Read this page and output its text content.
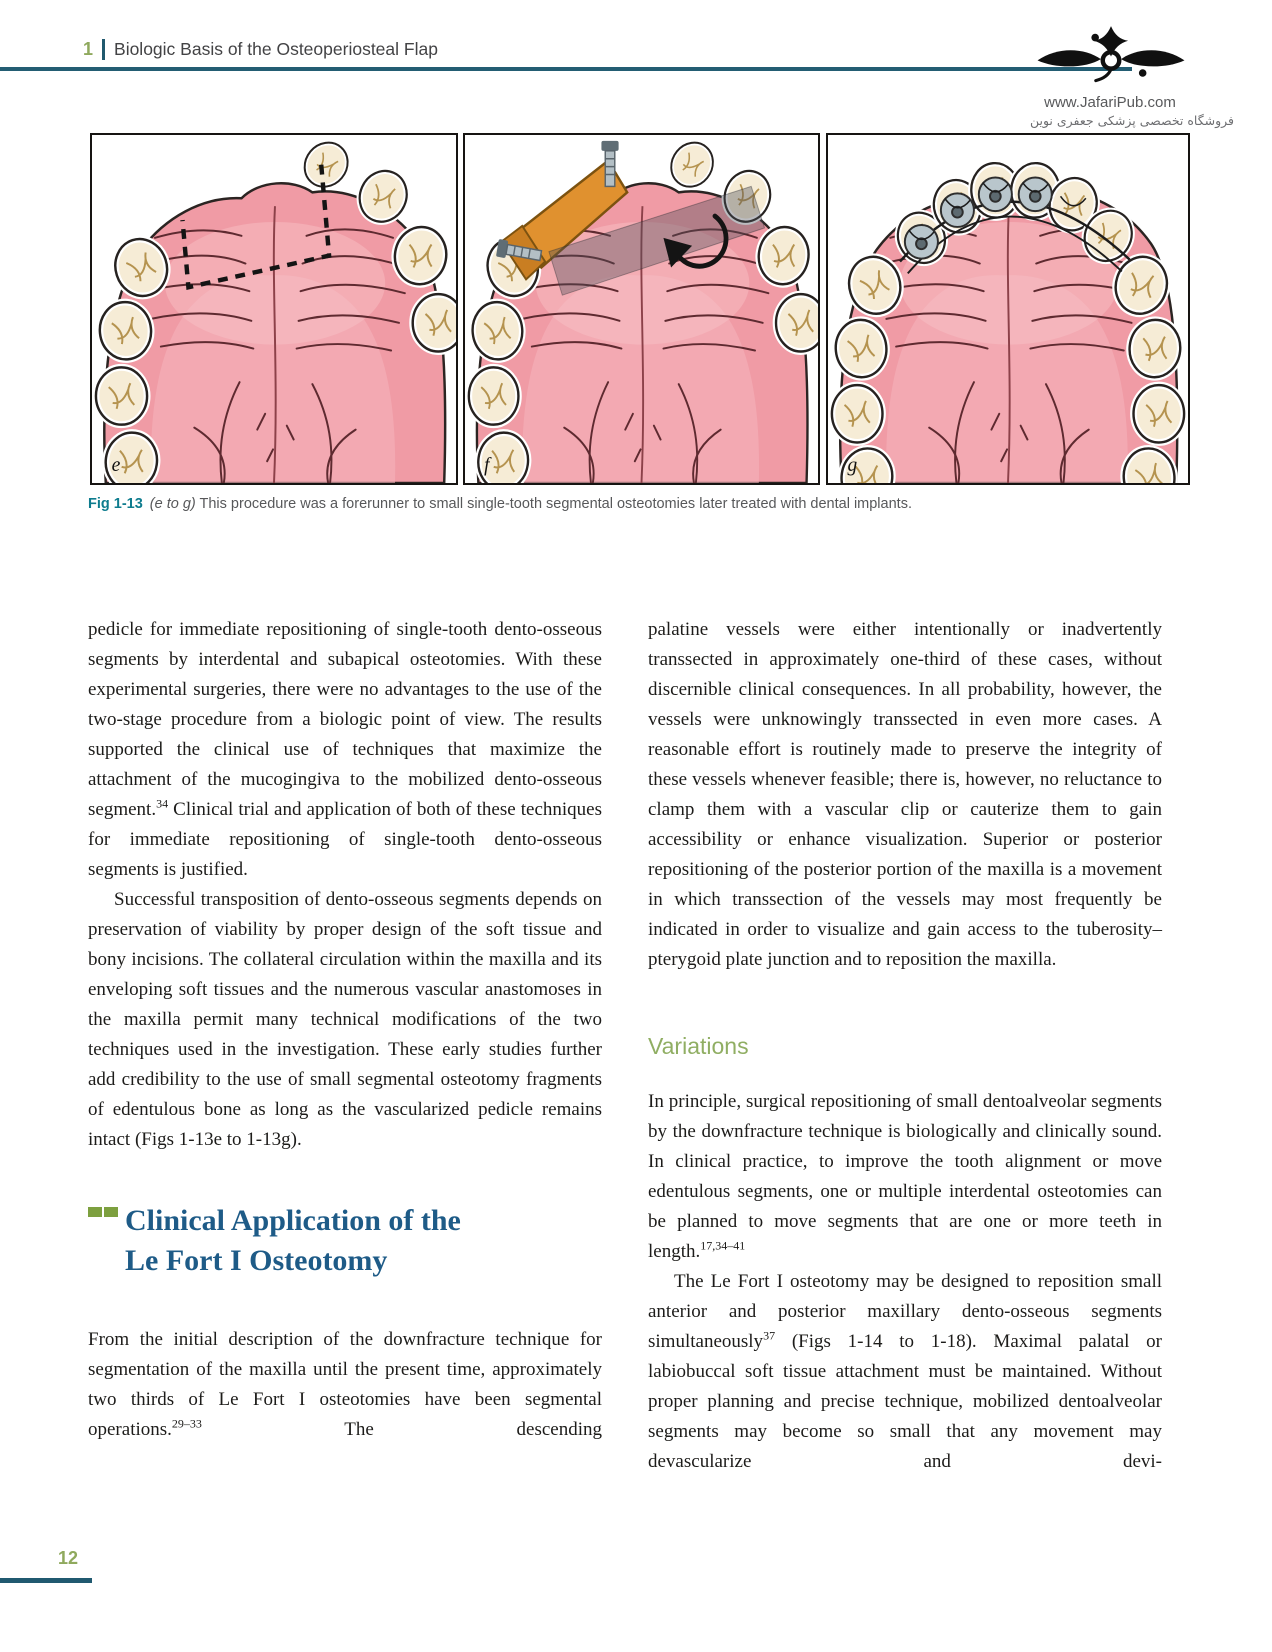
1	Biologic Basis of the Osteoperiosteal Flap
www.JafariPub.com
فروشگاه تخصصی پزشکی جعفری نوین
e	f	g

Fig 1-13 (e to g) This procedure was a forerunner to small single-tooth segmental osteotomies later treated with dental implants.

pedicle for immediate repositioning of single-tooth dento-osseous segments by interdental and subapical osteotomies. With these experimental surgeries, there were no advantages to the use of the two-stage procedure from a biologic point of view. The results supported the clinical use of techniques that maximize the attachment of the mucogingiva to the mobilized dento-osseous segment.$^{34}$ Clinical trial and application of both of these techniques for immediate repositioning of single-tooth dento-osseous segments is justified.

Successful transposition of dento-osseous segments depends on preservation of viability by proper design of the soft tissue and bony incisions. The collateral circulation within the maxilla and its enveloping soft tissues and the numerous vascular anastomoses in the maxilla permit many technical modifications of the two techniques used in the investigation. These early studies further add credibility to the use of small segmental osteotomy fragments of edentulous bone as long as the vascularized pedicle remains intact (Figs 1-13e to 1-13g).

Clinical Application of the
Le Fort I Osteotomy

From the initial description of the downfracture technique for segmentation of the maxilla until the present time, approximately two thirds of Le Fort I osteotomies have been segmental operations.$^{29-33}$ The descending

palatine vessels were either intentionally or inadvertently transsected in approximately one-third of these cases, without discernible clinical consequences. In all probability, however, the vessels were unknowingly transsected in even more cases. A reasonable effort is routinely made to preserve the integrity of these vessels whenever feasible; there is, however, no reluctance to clamp them with a vascular clip or cauterize them to gain accessibility or enhance visualization. Superior or posterior repositioning of the posterior portion of the maxilla is a movement in which transsection of the vessels may most frequently be indicated in order to visualize and gain access to the tuberosity–pterygoid plate junction and to reposition the maxilla.

Variations

In principle, surgical repositioning of small dentoalveolar segments by the downfracture technique is biologically and clinically sound. In clinical practice, to improve the tooth alignment or move edentulous segments, one or multiple interdental osteotomies can be planned to move segments that are one or more teeth in length.$^{17,34-41}$

The Le Fort I osteotomy may be designed to reposition small anterior and posterior maxillary dento-osseous segments simultaneously$^{37}$ (Figs 1-14 to 1-18). Maximal palatal or labiobuccal soft tissue attachment must be maintained. Without proper planning and precise technique, mobilized dentoalveolar segments may become so small that any movement may devascularize and devi-

12
